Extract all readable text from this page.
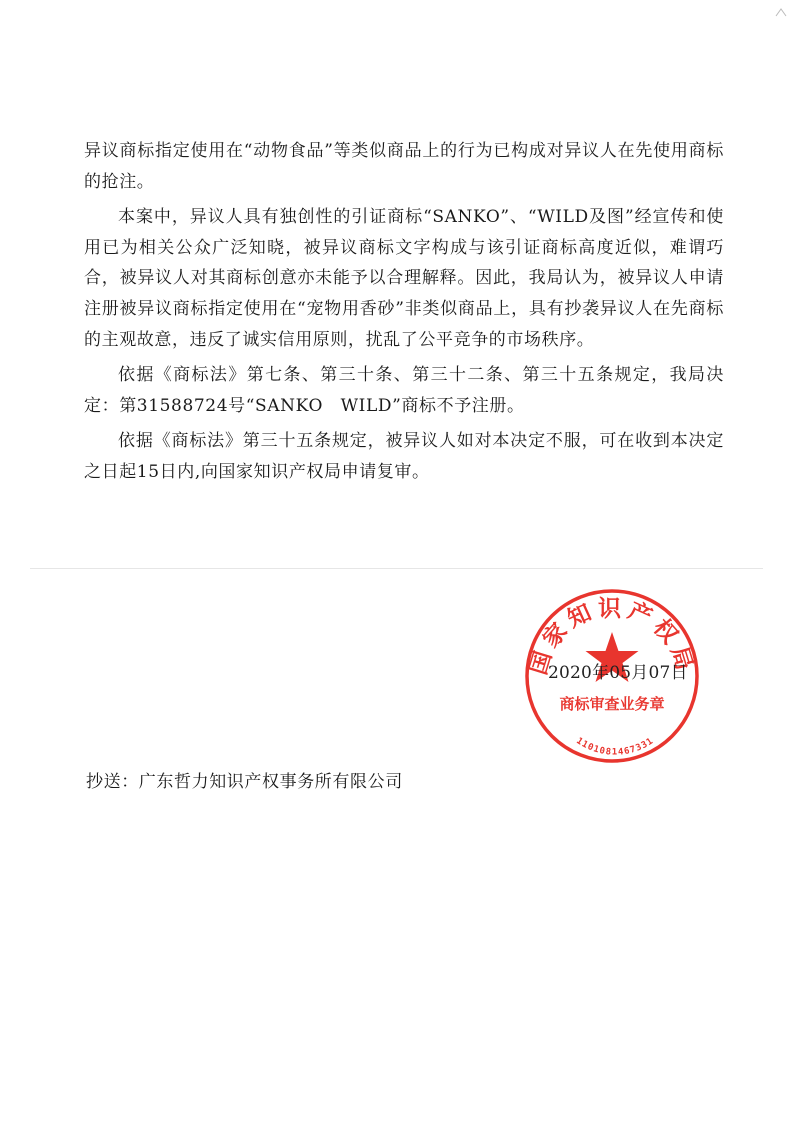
异议商标指定使用在“动物食品”等类似商品上的行为已构成对异议人在先使用商标的抢注。

本案中，异议人具有独创性的引证商标“SANKO”、“WILD及图”经宣传和使用已为相关公众广泛知晓，被异议商标文字构成与该引证商标高度近似，难谓巧合，被异议人对其商标创意亦未能予以合理解释。因此，我局认为，被异议人申请注册被异议商标指定使用在“宠物用香砂”非类似商品上，具有抄袭异议人在先商标的主观故意，违反了诚实信用原则，扰乱了公平竞争的市场秩序。

依据《商标法》第七条、第三十条、第三十二条、第三十五条规定，我局决定：第31588724号“SANKO　WILD”商标不予注册。

依据《商标法》第三十五条规定，被异议人如对本决定不服，可在收到本决定之日起15日内,向国家知识产权局申请复审。

国家知识产权局
商标审查业务章
1101081467331
2020年05月07日
抄送：广东哲力知识产权事务所有限公司
